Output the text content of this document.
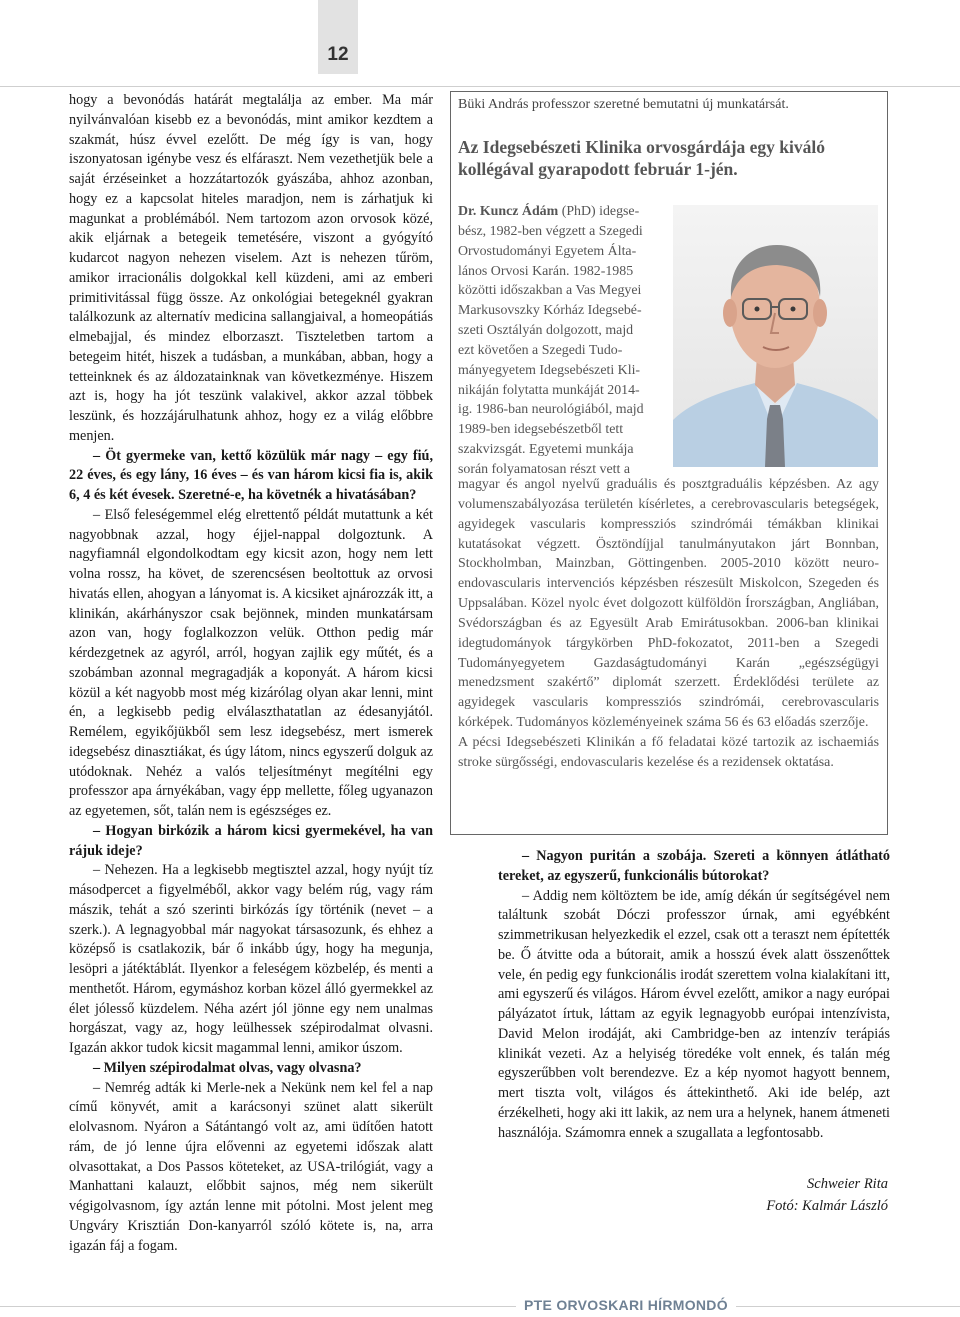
12

hogy a bevonódás határát megtalálja az ember. Ma már nyilvánvalóan kisebb ez a bevonódás, mint amikor kezdtem a szakmát, húsz évvel ezelőtt. De még így is van, hogy iszonyatosan igénybe vesz és elfáraszt. Nem vezethetjük bele a saját érzéseinket a hozzátartozók gyászába, ahhoz azonban, hogy ez a kapcsolat hiteles maradjon, nem is zárhatjuk ki magunkat a problémából. Nem tartozom azon orvosok közé, akik eljárnak a betegeik temetésére, viszont a gyógyító kudarcot nagyon nehezen viselem. Azt is nehezen tűröm, amikor irracionális dolgokkal kell küzdeni, ami az emberi primitivitással függ össze. Az onkológiai betegeknél gyakran találkozunk az alternatív medicina sallangjaival, a homeopátiás elmebajjal, és mindez elborzaszt. Tiszteletben tartom a betegeim hitét, hiszek a tudásban, a munkában, abban, hogy a tetteinknek és az áldozatainknak van következménye. Hiszem azt is, hogy ha jót teszünk valakivel, akkor azzal többek leszünk, és hozzájárulhatunk ahhoz, hogy ez a világ előbbre menjen.

– Öt gyermeke van, kettő közülük már nagy – egy fiú, 22 éves, és egy lány, 16 éves – és van három kicsi fia is, akik 6, 4 és két évesek. Szeretné-e, ha követnék a hivatásában?

– Első feleségemmel elég elrettentő példát mutattunk a két nagyobbnak azzal, hogy éjjel-nappal dolgoztunk. A nagyfiamnál elgondolkodtam egy kicsit azon, hogy nem lett volna rossz, ha követ, de szerencsésen beoltottuk az orvosi hivatás ellen, ahogyan a lányomat is. A kicsiket ajnározzák itt, a klinikán, akárhányszor csak bejönnek, minden munkatársam azon van, hogy foglalkozzon velük. Otthon pedig már kérdezgetnek az agyról, arról, hogyan zajlik egy műtét, és a szobámban azonnal megragadják a koponyát. A három kicsi közül a két nagyobb most még kizárólag olyan akar lenni, mint én, a legkisebb pedig elválaszthatatlan az édesanyjától. Remélem, egyikőjükből sem lesz idegsebész, mert ismerek idegsebész dinasztiákat, és úgy látom, nincs egyszerű dolguk az utódoknak. Nehéz a valós teljesítményt megítélni egy professzor apa árnyékában, vagy épp mellette, főleg ugyanazon az egyetemen, sőt, talán nem is egészséges ez.

– Hogyan birkózik a három kicsi gyermekével, ha van rájuk ideje?

– Nehezen. Ha a legkisebb megtisztel azzal, hogy nyújt tíz másodpercet a figyelméből, akkor vagy belém rúg, vagy rám mászik, tehát a szó szerinti birkózás így történik (nevet – a szerk.). A legnagyobbal már nagyokat társasozunk, és ehhez a középső is csatlakozik, bár ő inkább úgy, hogy ha megunja, lesöpri a játéktáblát. Ilyenkor a feleségem közbelép, és menti a menthetőt. Három, egymáshoz korban közel álló gyermekkel az élet jólesső küzdelem. Néha azért jól jönne egy nem unalmas horgászat, vagy az, hogy leülhessek szépirodalmat olvasni. Igazán akkor tudok kicsit magammal lenni, amikor úszom.

– Milyen szépirodalmat olvas, vagy olvasna?

– Nemrég adták ki Merle-nek a Nekünk nem kel fel a nap című könyvét, amit a karácsonyi szünet alatt sikerült elolvasnom. Nyáron a Sátántangó volt az, ami üdítően hatott rám, de jó lenne újra elővenni az egyetemi időszak alatt olvasottakat, a Dos Passos köteteket, az USA-trilógiát, vagy a Manhattani kalauzt, előbbit sajnos, még nem sikerült végigolvasnom, így aztán lenne mit pótolni. Most jelent meg Ungváry Krisztián Don-kanyarról szóló kötete is, na, arra igazán fáj a fogam.

Büki András professzor szeretné bemutatni új munkatársát.
Az Idegsebészeti Klinika orvosgárdája egy kiváló kollégával gyarapodott február 1-jén.

Dr. Kuncz Ádám (PhD) idegse-

bész, 1982-ben végzett a Szegedi

Orvostudományi Egyetem Álta-

lános Orvosi Karán. 1982-1985

közötti időszakban a Vas Megyei

Markusovszky Kórház Idegsebé-

szeti Osztályán dolgozott, majd

ezt követően a Szegedi Tudo-

mányegyetem Idegsebészeti Kli-

nikáján folytatta munkáját 2014-

ig. 1986-ban neurológiából, majd

1989-ben idegsebészetből tett

szakvizsgát. Egyetemi munkája

során folyamatosan részt vett a

magyar és angol nyelvű graduális és posztgraduális képzésben. Az agy volumenszabályozása területén kísérletes, a cerebrovascularis betegségek, agyidegek vascularis kompressziós szindrómái témákban klinikai kutatásokat végzett. Ösztöndíjjal tanulmányutakon járt Bonnban, Stockholmban, Mainzban, Göttingenben. 2005-2010 között neuro-endovascularis intervenciós képzésben részesült Miskolcon, Szegeden és Uppsalában. Közel nyolc évet dolgozott külföldön Írországban, Angliában, Svédországban és az Egyesült Arab Emirátusokban. 2006-ban klinikai idegtudományok tárgykörben PhD-fokozatot, 2011-ben a Szegedi Tudományegyetem Gazdaságtudományi Karán „egészségügyi menedzsment szakértő” diplomát szerzett. Érdeklődési területe az agyidegek vascularis kompressziós szindrómái, cerebrovascularis kórképek. Tudományos közleményeinek száma 56 és 63 előadás szerzője.

A pécsi Idegsebészeti Klinikán a fő feladatai közé tartozik az ischaemiás stroke sürgősségi, endovascularis kezelése és a rezidensek oktatása.

– Nagyon puritán a szobája. Szereti a könnyen átlátható tereket, az egyszerű, funkcionális bútorokat?

– Addig nem költöztem be ide, amíg dékán úr segítségével nem találtunk szobát Dóczi professzor úrnak, ami egyébként szimmetrikusan helyezkedik el ezzel, csak ott a teraszt nem építették be. Ő átvitte oda a bútorait, amik a hosszú évek alatt összenőttek vele, én pedig egy funkcionális irodát szerettem volna kialakítani itt, ami egyszerű és világos. Három évvel ezelőtt, amikor a nagy európai pályázatot írtuk, láttam az egyik legnagyobb európai intenzívista, David Melon irodáját, aki Cambridge-ben az intenzív terápiás klinikát vezeti. Az a helyiség töredéke volt ennek, és talán még egyszerűbben volt berendezve. Ez a kép nyomot hagyott bennem, mert tiszta volt, világos és áttekinthető. Aki ide belép, azt érzékelheti, hogy aki itt lakik, az nem ura a helynek, hanem átmeneti használója. Számomra ennek a szugallata a legfontosabb.

Schweier Rita
Fotó: Kalmár László
PTE ORVOSKARI HÍRMONDÓ
